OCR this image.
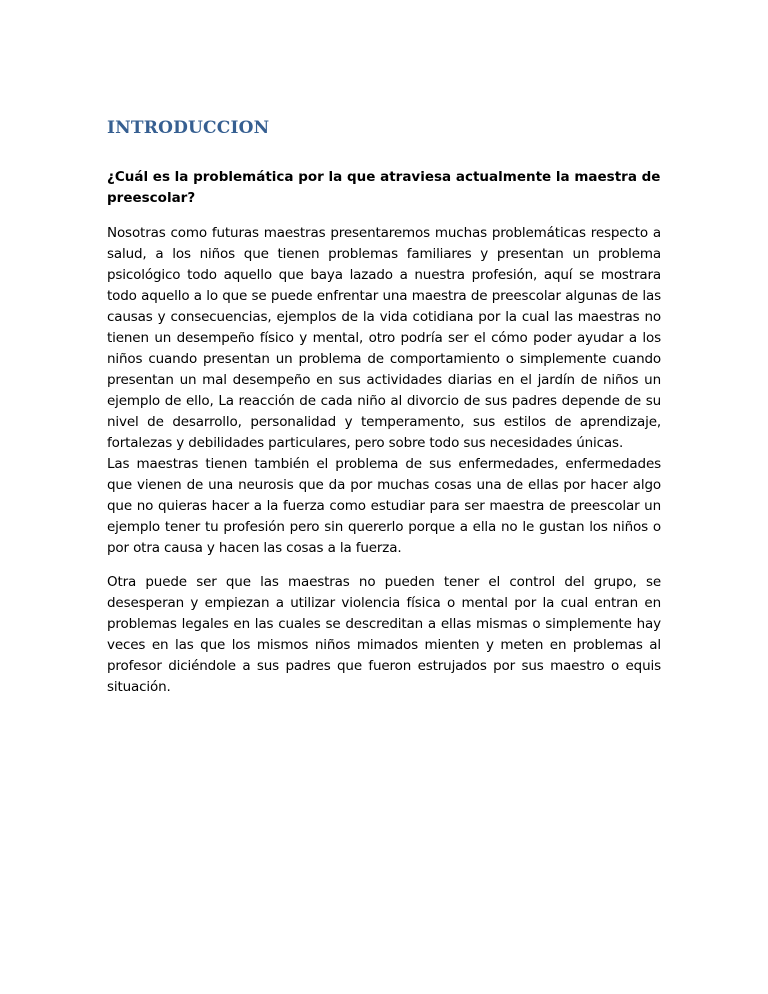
INTRODUCCION

¿Cuál es la problemática por la que atraviesa actualmente la maestra de preescolar?

Nosotras como futuras maestras presentaremos muchas problemáticas respecto a salud, a los niños que tienen problemas familiares y presentan un problema psicológico todo aquello que baya lazado a nuestra profesión, aquí se mostrara todo aquello a lo que se puede enfrentar una maestra de preescolar algunas de las causas y consecuencias, ejemplos de la vida cotidiana por la cual las maestras no tienen un desempeño físico y mental, otro podría ser el cómo poder ayudar a los niños cuando presentan un problema de comportamiento o simplemente cuando presentan un mal desempeño en sus actividades diarias en el jardín de niños un ejemplo de ello, La reacción de cada niño al divorcio de sus padres depende de su nivel de desarrollo, personalidad y temperamento, sus estilos de aprendizaje, fortalezas y debilidades particulares, pero sobre todo sus necesidades únicas.

Las maestras tienen también el problema de sus enfermedades, enfermedades que vienen de una neurosis que da por muchas cosas una de ellas por hacer algo que no quieras hacer a la fuerza como estudiar para ser maestra de preescolar un ejemplo tener tu profesión pero sin quererlo porque a ella no le gustan los niños o por otra causa y hacen las cosas a la fuerza.

Otra puede ser que las maestras no pueden tener el control del grupo, se desesperan y empiezan a utilizar violencia física o mental por la cual entran en problemas legales en las cuales se descreditan a ellas mismas o simplemente hay veces en las que los mismos niños mimados mienten y meten en problemas al profesor diciéndole a sus padres que fueron estrujados por sus maestro o equis situación.
